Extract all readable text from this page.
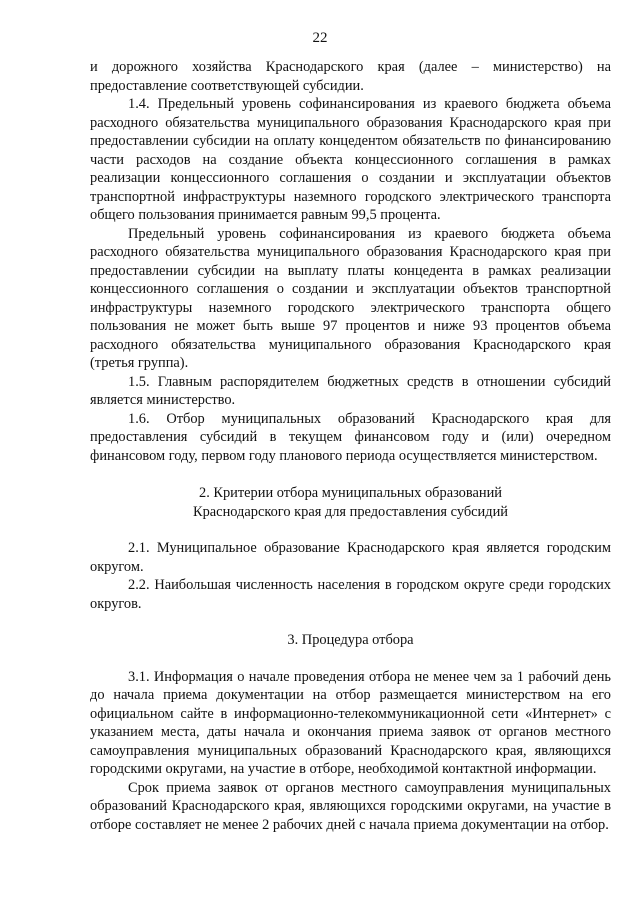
22

и дорожного хозяйства Краснодарского края (далее – министерство) на предоставление соответствующей субсидии.

1.4. Предельный уровень софинансирования из краевого бюджета объема расходного обязательства муниципального образования Краснодарского края при предоставлении субсидии на оплату концедентом обязательств по финансированию части расходов на создание объекта концессионного соглашения в рамках реализации концессионного соглашения о создании и эксплуатации объектов транспортной инфраструктуры наземного городского электрического транспорта общего пользования принимается равным 99,5 процента.

Предельный уровень софинансирования из краевого бюджета объема расходного обязательства муниципального образования Краснодарского края при предоставлении субсидии на выплату платы концедента в рамках реализации концессионного соглашения о создании и эксплуатации объектов транспортной инфраструктуры наземного городского электрического транспорта общего пользования не может быть выше 97 процентов и ниже 93 процентов объема расходного обязательства муниципального образования Краснодарского края (третья группа).

1.5. Главным распорядителем бюджетных средств в отношении субсидий является министерство.

1.6. Отбор муниципальных образований Краснодарского края для предоставления субсидий в текущем финансовом году и (или) очередном финансовом году, первом году планового периода осуществляется министерством.

2. Критерии отбора муниципальных образований

Краснодарского края для предоставления субсидий

2.1. Муниципальное образование Краснодарского края является городским округом.

2.2. Наибольшая численность населения в городском округе среди городских округов.

3. Процедура отбора

3.1. Информация о начале проведения отбора не менее чем за 1 рабочий день до начала приема документации на отбор размещается министерством на его официальном сайте в информационно-телекоммуникационной сети «Интернет» с указанием места, даты начала и окончания приема заявок от органов местного самоуправления муниципальных образований Краснодарского края, являющихся городскими округами, на участие в отборе, необходимой контактной информации.

Срок приема заявок от органов местного самоуправления муниципальных образований Краснодарского края, являющихся городскими округами, на участие в отборе составляет не менее 2 рабочих дней с начала приема документации на отбор.
